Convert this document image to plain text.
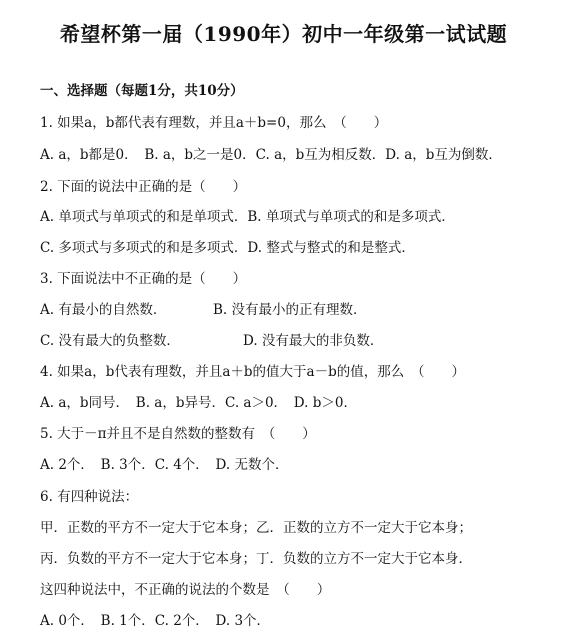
希望杯第一届（1990年）初中一年级第一试试题
一、选择题（每题1分，共10分）
1. 如果a，b都代表有理数，并且a＋b=0，那么　（　　）
A. a，b都是0．　B. a，b之一是0．C. a，b互为相反数．D. a，b互为倒数．
2. 下面的说法中正确的是（　　）
A. 单项式与单项式的和是单项式．B. 单项式与单项式的和是多项式．
C. 多项式与多项式的和是多项式．D. 整式与整式的和是整式．
3. 下面说法中不正确的是（　　）
A. 有最小的自然数．	B. 没有最小的正有理数．
C. 没有最大的负整数．	D. 没有最大的非负数．
4. 如果a，b代表有理数，并且a＋b的值大于a－b的值，那么　（　　）
A. a，b同号．　B. a，b异号．C. a＞0．　D. b＞0．
5. 大于－π并且不是自然数的整数有　（　　）
A. 2个．　B. 3个．C. 4个．　D. 无数个．
6. 有四种说法：
甲．正数的平方不一定大于它本身；乙．正数的立方不一定大于它本身；
丙．负数的平方不一定大于它本身；丁．负数的立方不一定大于它本身．
这四种说法中，不正确的说法的个数是　（　　）
A. 0个．　B. 1个．C. 2个．　D. 3个．
